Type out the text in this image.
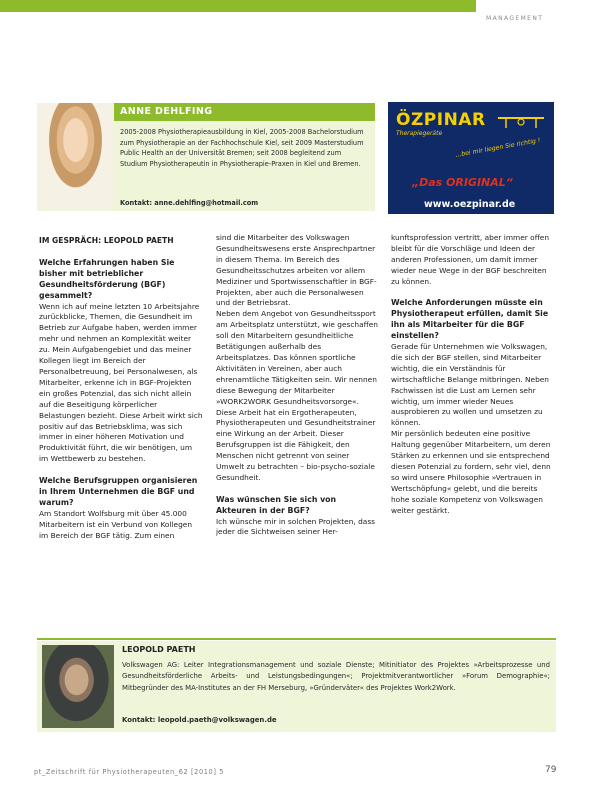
MANAGEMENT
ANNE DEHLFING
2005-2008 Physiotherapieausbildung in Kiel, 2005-2008 Bachelorstudium zum Physiotherapie an der Fachhochschule Kiel, seit 2009 Masterstudium Public Health an der Universität Bremen; seit 2008 begleitend zum Studium Physiotherapeutin in Physiotherapie-Praxen in Kiel und Bremen.
Kontakt: anne.dehlfing@hotmail.com
ÖZPINAR
Therapiegeräte
...bei mir liegen Sie richtig !
„Das ORIGINAL“
www.oezpinar.de
IM GESPRÄCH: LEOPOLD PAETH
Welche Erfahrungen haben Sie bisher mit betrieblicher Gesundheitsförderung (BGF) gesammelt?

Wenn ich auf meine letzten 10 Arbeitsjahre zurückblicke, Themen, die Gesundheit im Betrieb zur Aufgabe haben, werden immer mehr und nehmen an Komplexität weiter zu. Mein Aufgabengebiet und das meiner Kollegen liegt im Bereich der Personalbetreuung, bei Personalwesen, als Mitarbeiter, erkenne ich in BGF-Projekten ein großes Potenzial, das sich nicht allein auf die Beseitigung körperlicher Belastungen bezieht. Diese Arbeit wirkt sich positiv auf das Betriebsklima, was sich immer in einer höheren Motivation und Produktivität führt, die wir benötigen, um im Wettbewerb zu bestehen.

Welche Berufsgruppen organisieren in Ihrem Unternehmen die BGF und warum?

Am Standort Wolfsburg mit über 45.000 Mitarbeitern ist ein Verbund von Kollegen im Bereich der BGF tätig. Zum einen

sind die Mitarbeiter des Volkswagen Gesundheitswesens erste Ansprechpartner in diesem Thema. Im Bereich des Gesundheitsschutzes arbeiten vor allem Mediziner und Sportwissenschaftler in BGF-Projekten, aber auch die Personalwesen und der Betriebsrat.

Neben dem Angebot von Gesundheitssport am Arbeitsplatz unterstützt, wie geschaffen soll den Mitarbeitern gesundheitliche Betätigungen außerhalb des Arbeitsplatzes. Das können sportliche Aktivitäten in Vereinen, aber auch ehrenamtliche Tätigkeiten sein. Wir nennen diese Bewegung der Mitarbeiter »WORK2WORK Gesundheitsvorsorge«. Diese Arbeit hat ein Ergotherapeuten, Physiotherapeuten und Gesundheitstrainer eine Wirkung an der Arbeit. Dieser Berufsgruppen ist die Fähigkeit, den Menschen nicht getrennt von seiner Umwelt zu betrachten – bio-psycho-soziale Gesundheit.

Was wünschen Sie sich von Akteuren in der BGF?

Ich wünsche mir in solchen Projekten, dass jeder die Sichtweisen seiner Her-

kunftsprofession vertritt, aber immer offen bleibt für die Vorschläge und Ideen der anderen Professionen, um damit immer wieder neue Wege in der BGF beschreiten zu können.

Welche Anforderungen müsste ein Physiotherapeut erfüllen, damit Sie ihn als Mitarbeiter für die BGF einstellen?

Gerade für Unternehmen wie Volkswagen, die sich der BGF stellen, sind Mitarbeiter wichtig, die ein Verständnis für wirtschaftliche Belange mitbringen. Neben Fachwissen ist die Lust am Lernen sehr wichtig, um immer wieder Neues ausprobieren zu wollen und umsetzen zu können.

Mir persönlich bedeuten eine positive Haltung gegenüber Mitarbeitern, um deren Stärken zu erkennen und sie entsprechend diesen Potenzial zu fordern, sehr viel, denn so wird unsere Philosophie »Vertrauen in Wertschöpfung« gelebt, und die bereits hohe soziale Kompetenz von Volkswagen weiter gestärkt.

LEOPOLD PAETH
Volkswagen AG: Leiter Integrationsmanagement und soziale Dienste; Mitinitiator des Projektes »Arbeitsprozesse und Gesundheitsförderliche Arbeits- und Leistungsbedingungen«; Projektmitverantwortlicher »Forum Demographie«; Mitbegründer des MA-Institutes an der FH Merseburg, »Gründerväter« des Projektes Work2Work.
Kontakt: leopold.paeth@volkswagen.de
pt_Zeitschrift für Physiotherapeuten_62 [2010] 5	79
